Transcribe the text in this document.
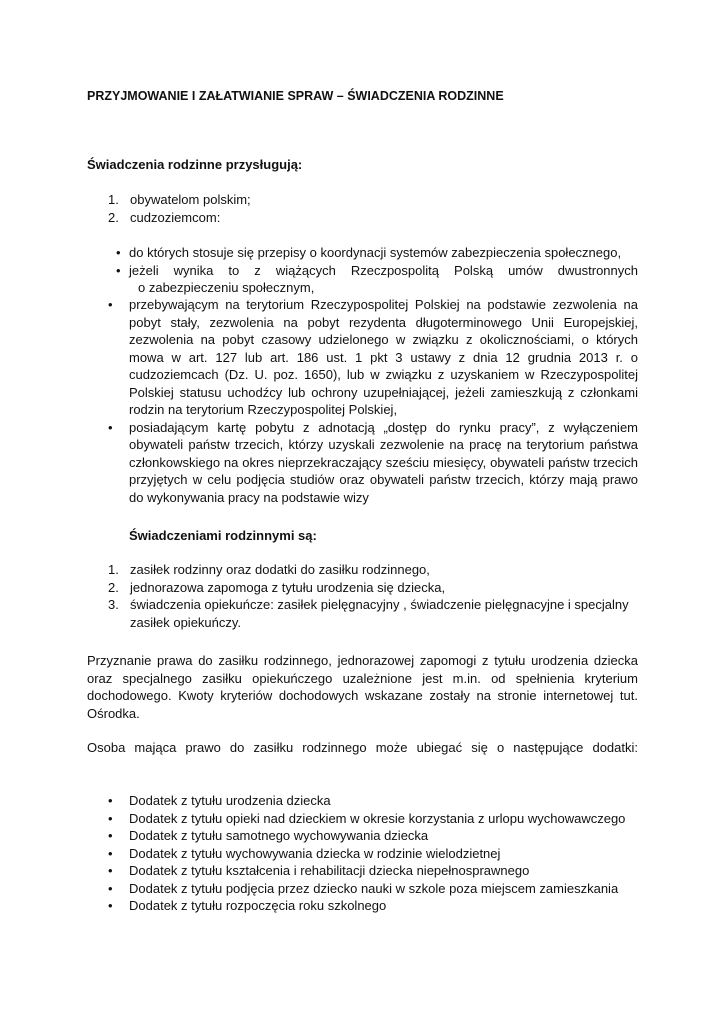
PRZYJMOWANIE I ZAŁATWIANIE SPRAW – ŚWIADCZENIA RODZINNE
Świadczenia rodzinne przysługują:
1. obywatelom polskim;
2. cudzoziemcom:
• do których stosuje się przepisy o koordynacji systemów zabezpieczenia społecznego,
• jeżeli wynika to z wiążących Rzeczpospolitą Polską umów dwustronnych
o zabezpieczeniu społecznym,
• przebywającym na terytorium Rzeczypospolitej Polskiej na podstawie zezwolenia na pobyt stały, zezwolenia na pobyt rezydenta długoterminowego Unii Europejskiej, zezwolenia na pobyt czasowy udzielonego w związku z okolicznościami, o których mowa w art. 127 lub art. 186 ust. 1 pkt 3 ustawy z dnia 12 grudnia 2013 r. o cudzoziemcach (Dz. U. poz. 1650), lub w związku z uzyskaniem w Rzeczypospolitej Polskiej statusu uchodźcy lub ochrony uzupełniającej, jeżeli zamieszkują z członkami rodzin na terytorium Rzeczypospolitej Polskiej,
• posiadającym kartę pobytu z adnotacją „dostęp do rynku pracy”, z wyłączeniem obywateli państw trzecich, którzy uzyskali zezwolenie na pracę na terytorium państwa członkowskiego na okres nieprzekraczający sześciu miesięcy, obywateli państw trzecich przyjętych w celu podjęcia studiów oraz obywateli państw trzecich, którzy mają prawo do wykonywania pracy na podstawie wizy
Świadczeniami rodzinnymi są:
1. zasiłek rodzinny oraz dodatki do zasiłku rodzinnego,
2. jednorazowa zapomoga z tytułu urodzenia się dziecka,
3. świadczenia opiekuńcze: zasiłek pielęgnacyjny , świadczenie pielęgnacyjne i specjalny zasiłek opiekuńczy.
Przyznanie prawa do zasiłku rodzinnego, jednorazowej zapomogi z tytułu urodzenia dziecka oraz specjalnego zasiłku opiekuńczego uzależnione jest m.in. od spełnienia kryterium dochodowego. Kwoty kryteriów dochodowych wskazane zostały na stronie internetowej tut. Ośrodka.
Osoba mająca prawo do zasiłku rodzinnego może ubiegać się o następujące dodatki:
• Dodatek z tytułu urodzenia dziecka
• Dodatek z tytułu opieki nad dzieckiem w okresie korzystania z urlopu wychowawczego
• Dodatek z tytułu samotnego wychowywania dziecka
• Dodatek z tytułu wychowywania dziecka w rodzinie wielodzietnej
• Dodatek z tytułu kształcenia i rehabilitacji dziecka niepełnosprawnego
• Dodatek z tytułu podjęcia przez dziecko nauki w szkole poza miejscem zamieszkania
• Dodatek z tytułu rozpoczęcia roku szkolnego
